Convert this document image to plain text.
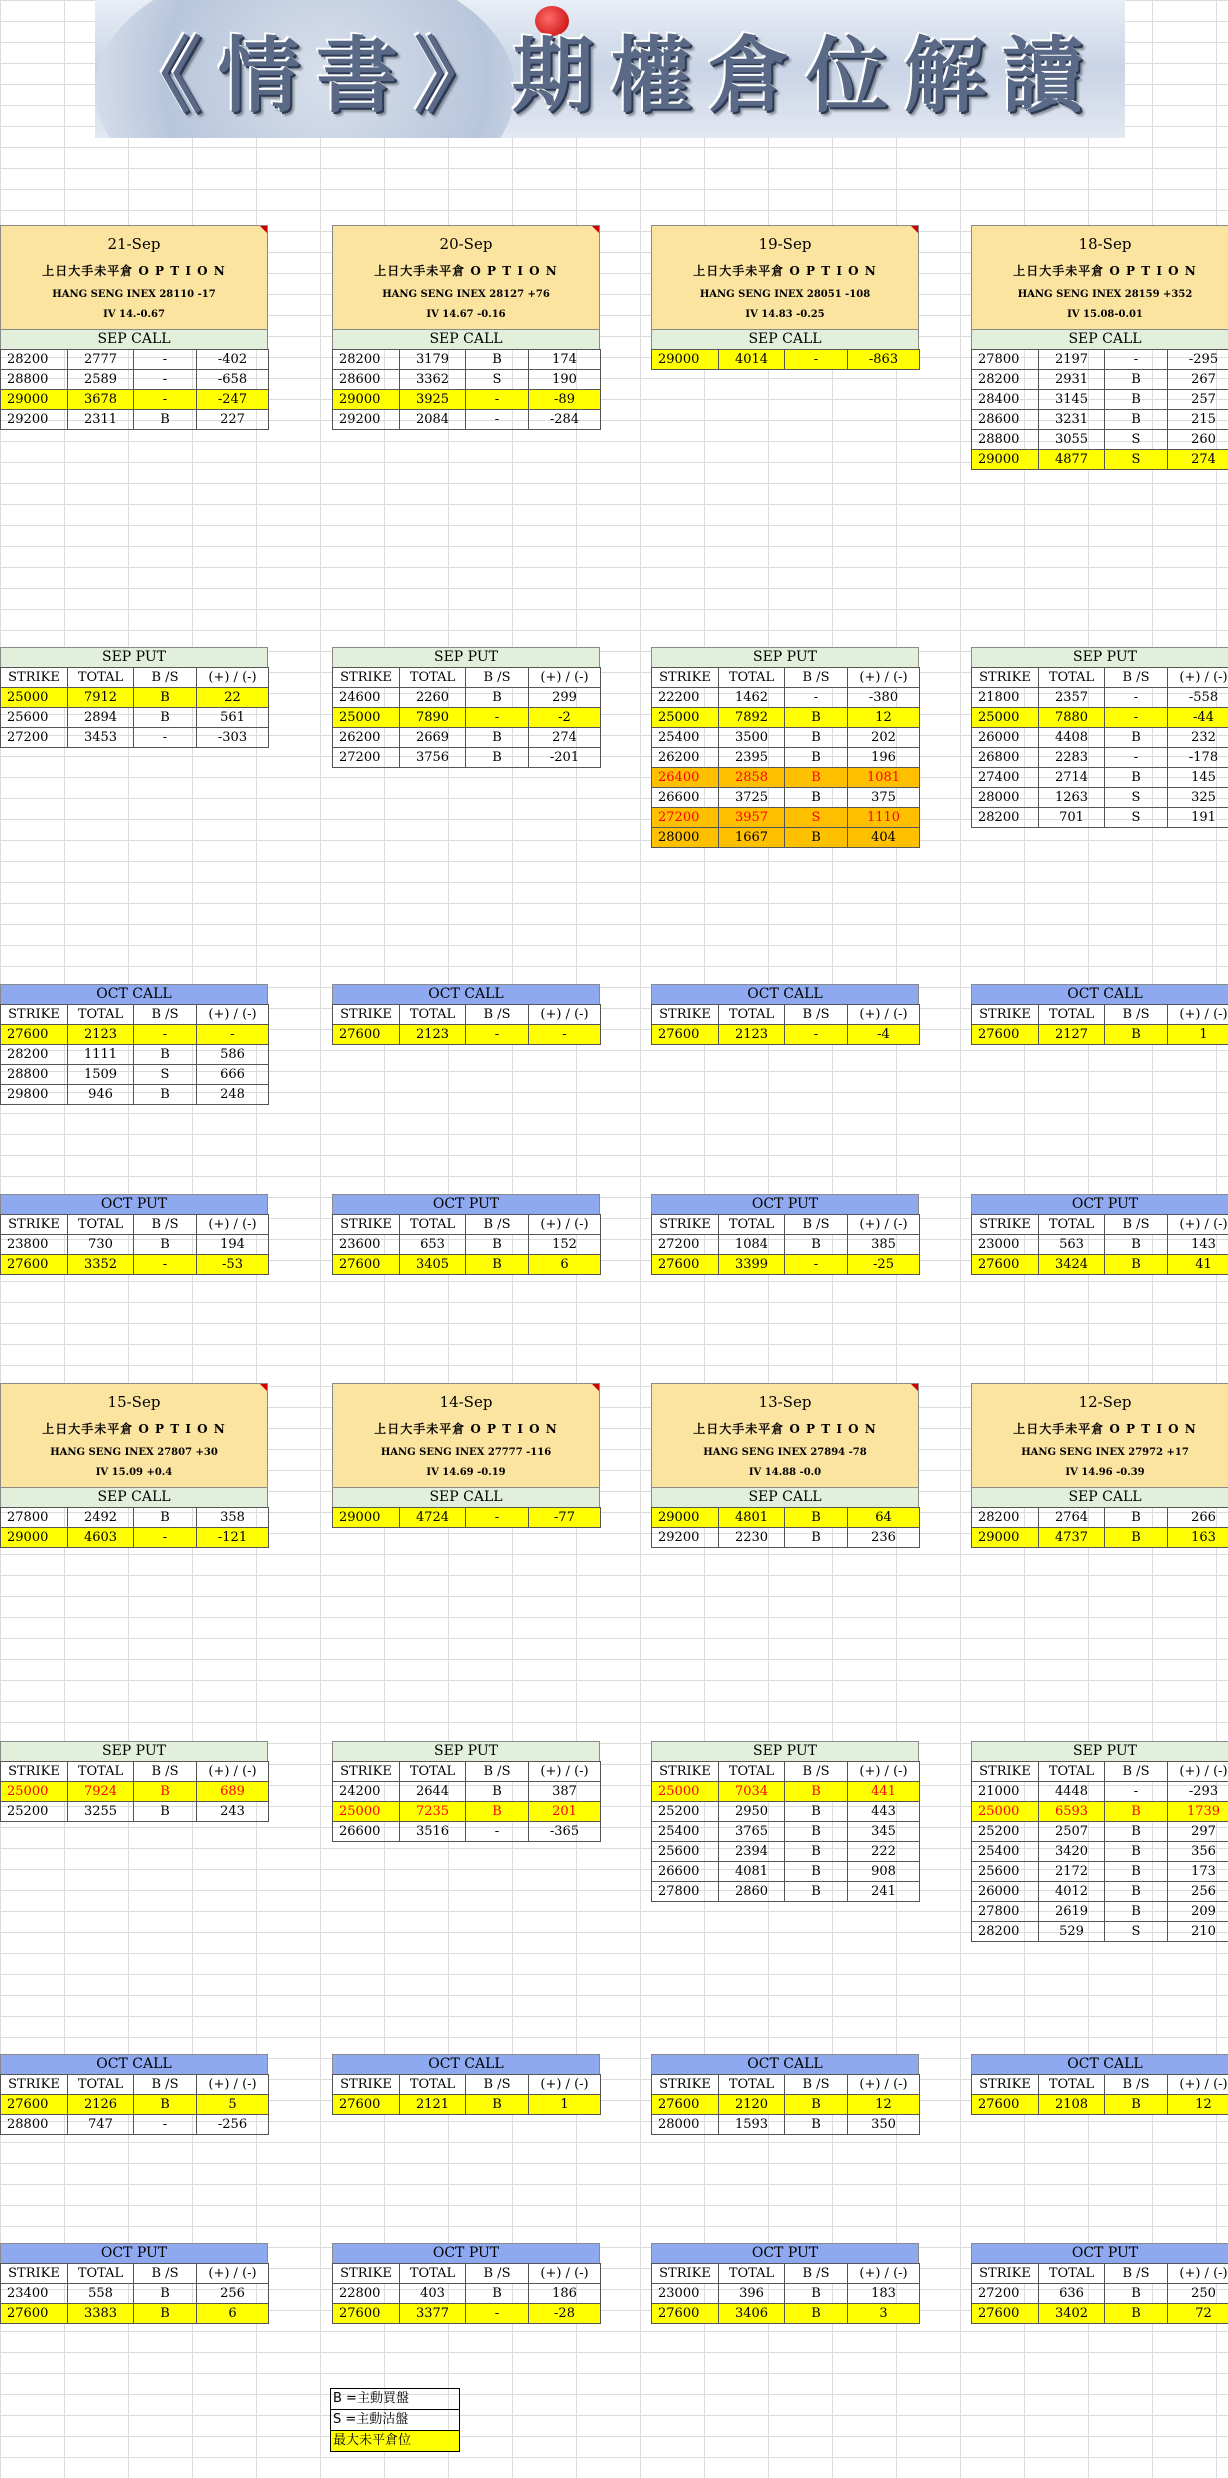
《情書》期權倉位解讀
21-Sep
上日大手未平倉 O P T I O N
HANG SENG INEX 28110 -17
IV 14.-0.67
SEP CALL
28200	2777	-	-402
28800	2589	-	-658
29000	3678	-	-247
29200	2311	B	227
SEP PUT
STRIKE	TOTAL	B /S	(+) / (-)
25000	7912	B	22
25600	2894	B	561
27200	3453	-	-303
OCT CALL
STRIKE	TOTAL	B /S	(+) / (-)
27600	2123	-	-
28200	1111	B	586
28800	1509	S	666
29800	946	B	248
OCT PUT
STRIKE	TOTAL	B /S	(+) / (-)
23800	730	B	194
27600	3352	-	-53
20-Sep
上日大手未平倉 O P T I O N
HANG SENG INEX 28127 +76
IV 14.67 -0.16
SEP CALL
28200	3179	B	174
28600	3362	S	190
29000	3925	-	-89
29200	2084	-	-284
SEP PUT
STRIKE	TOTAL	B /S	(+) / (-)
24600	2260	B	299
25000	7890	-	-2
26200	2669	B	274
27200	3756	B	-201
OCT CALL
STRIKE	TOTAL	B /S	(+) / (-)
27600	2123	-	-
OCT PUT
STRIKE	TOTAL	B /S	(+) / (-)
23600	653	B	152
27600	3405	B	6
19-Sep
上日大手未平倉 O P T I O N
HANG SENG INEX 28051 -108
IV 14.83 -0.25
SEP CALL
29000	4014	-	-863
SEP PUT
STRIKE	TOTAL	B /S	(+) / (-)
22200	1462	-	-380
25000	7892	B	12
25400	3500	B	202
26200	2395	B	196
26400	2858	B	1081
26600	3725	B	375
27200	3957	S	1110
28000	1667	B	404
OCT CALL
STRIKE	TOTAL	B /S	(+) / (-)
27600	2123	-	-4
OCT PUT
STRIKE	TOTAL	B /S	(+) / (-)
27200	1084	B	385
27600	3399	-	-25
18-Sep
上日大手未平倉 O P T I O N
HANG SENG INEX 28159 +352
IV 15.08-0.01
SEP CALL
27800	2197	-	-295
28200	2931	B	267
28400	3145	B	257
28600	3231	B	215
28800	3055	S	260
29000	4877	S	274
SEP PUT
STRIKE	TOTAL	B /S	(+) / (-)
21800	2357	-	-558
25000	7880	-	-44
26000	4408	B	232
26800	2283	-	-178
27400	2714	B	145
28000	1263	S	325
28200	701	S	191
OCT CALL
STRIKE	TOTAL	B /S	(+) / (-)
27600	2127	B	1
OCT PUT
STRIKE	TOTAL	B /S	(+) / (-)
23000	563	B	143
27600	3424	B	41
15-Sep
上日大手未平倉 O P T I O N
HANG SENG INEX 27807 +30
IV 15.09 +0.4
SEP CALL
27800	2492	B	358
29000	4603	-	-121
SEP PUT
STRIKE	TOTAL	B /S	(+) / (-)
25000	7924	B	689
25200	3255	B	243
OCT CALL
STRIKE	TOTAL	B /S	(+) / (-)
27600	2126	B	5
28800	747	-	-256
OCT PUT
STRIKE	TOTAL	B /S	(+) / (-)
23400	558	B	256
27600	3383	B	6
14-Sep
上日大手未平倉 O P T I O N
HANG SENG INEX 27777 -116
IV 14.69 -0.19
SEP CALL
29000	4724	-	-77
SEP PUT
STRIKE	TOTAL	B /S	(+) / (-)
24200	2644	B	387
25000	7235	B	201
26600	3516	-	-365
OCT CALL
STRIKE	TOTAL	B /S	(+) / (-)
27600	2121	B	1
OCT PUT
STRIKE	TOTAL	B /S	(+) / (-)
22800	403	B	186
27600	3377	-	-28
13-Sep
上日大手未平倉 O P T I O N
HANG SENG INEX 27894 -78
IV 14.88 -0.0
SEP CALL
29000	4801	B	64
29200	2230	B	236
SEP PUT
STRIKE	TOTAL	B /S	(+) / (-)
25000	7034	B	441
25200	2950	B	443
25400	3765	B	345
25600	2394	B	222
26600	4081	B	908
27800	2860	B	241
OCT CALL
STRIKE	TOTAL	B /S	(+) / (-)
27600	2120	B	12
28000	1593	B	350
OCT PUT
STRIKE	TOTAL	B /S	(+) / (-)
23000	396	B	183
27600	3406	B	3
12-Sep
上日大手未平倉 O P T I O N
HANG SENG INEX 27972 +17
IV 14.96 -0.39
SEP CALL
28200	2764	B	266
29000	4737	B	163
SEP PUT
STRIKE	TOTAL	B /S	(+) / (-)
21000	4448	-	-293
25000	6593	B	1739
25200	2507	B	297
25400	3420	B	356
25600	2172	B	173
26000	4012	B	256
27800	2619	B	209
28200	529	S	210
OCT CALL
STRIKE	TOTAL	B /S	(+) / (-)
27600	2108	B	12
OCT PUT
STRIKE	TOTAL	B /S	(+) / (-)
27200	636	B	250
27600	3402	B	72
B =主動買盤
S =主動沽盤
最大未平倉位
